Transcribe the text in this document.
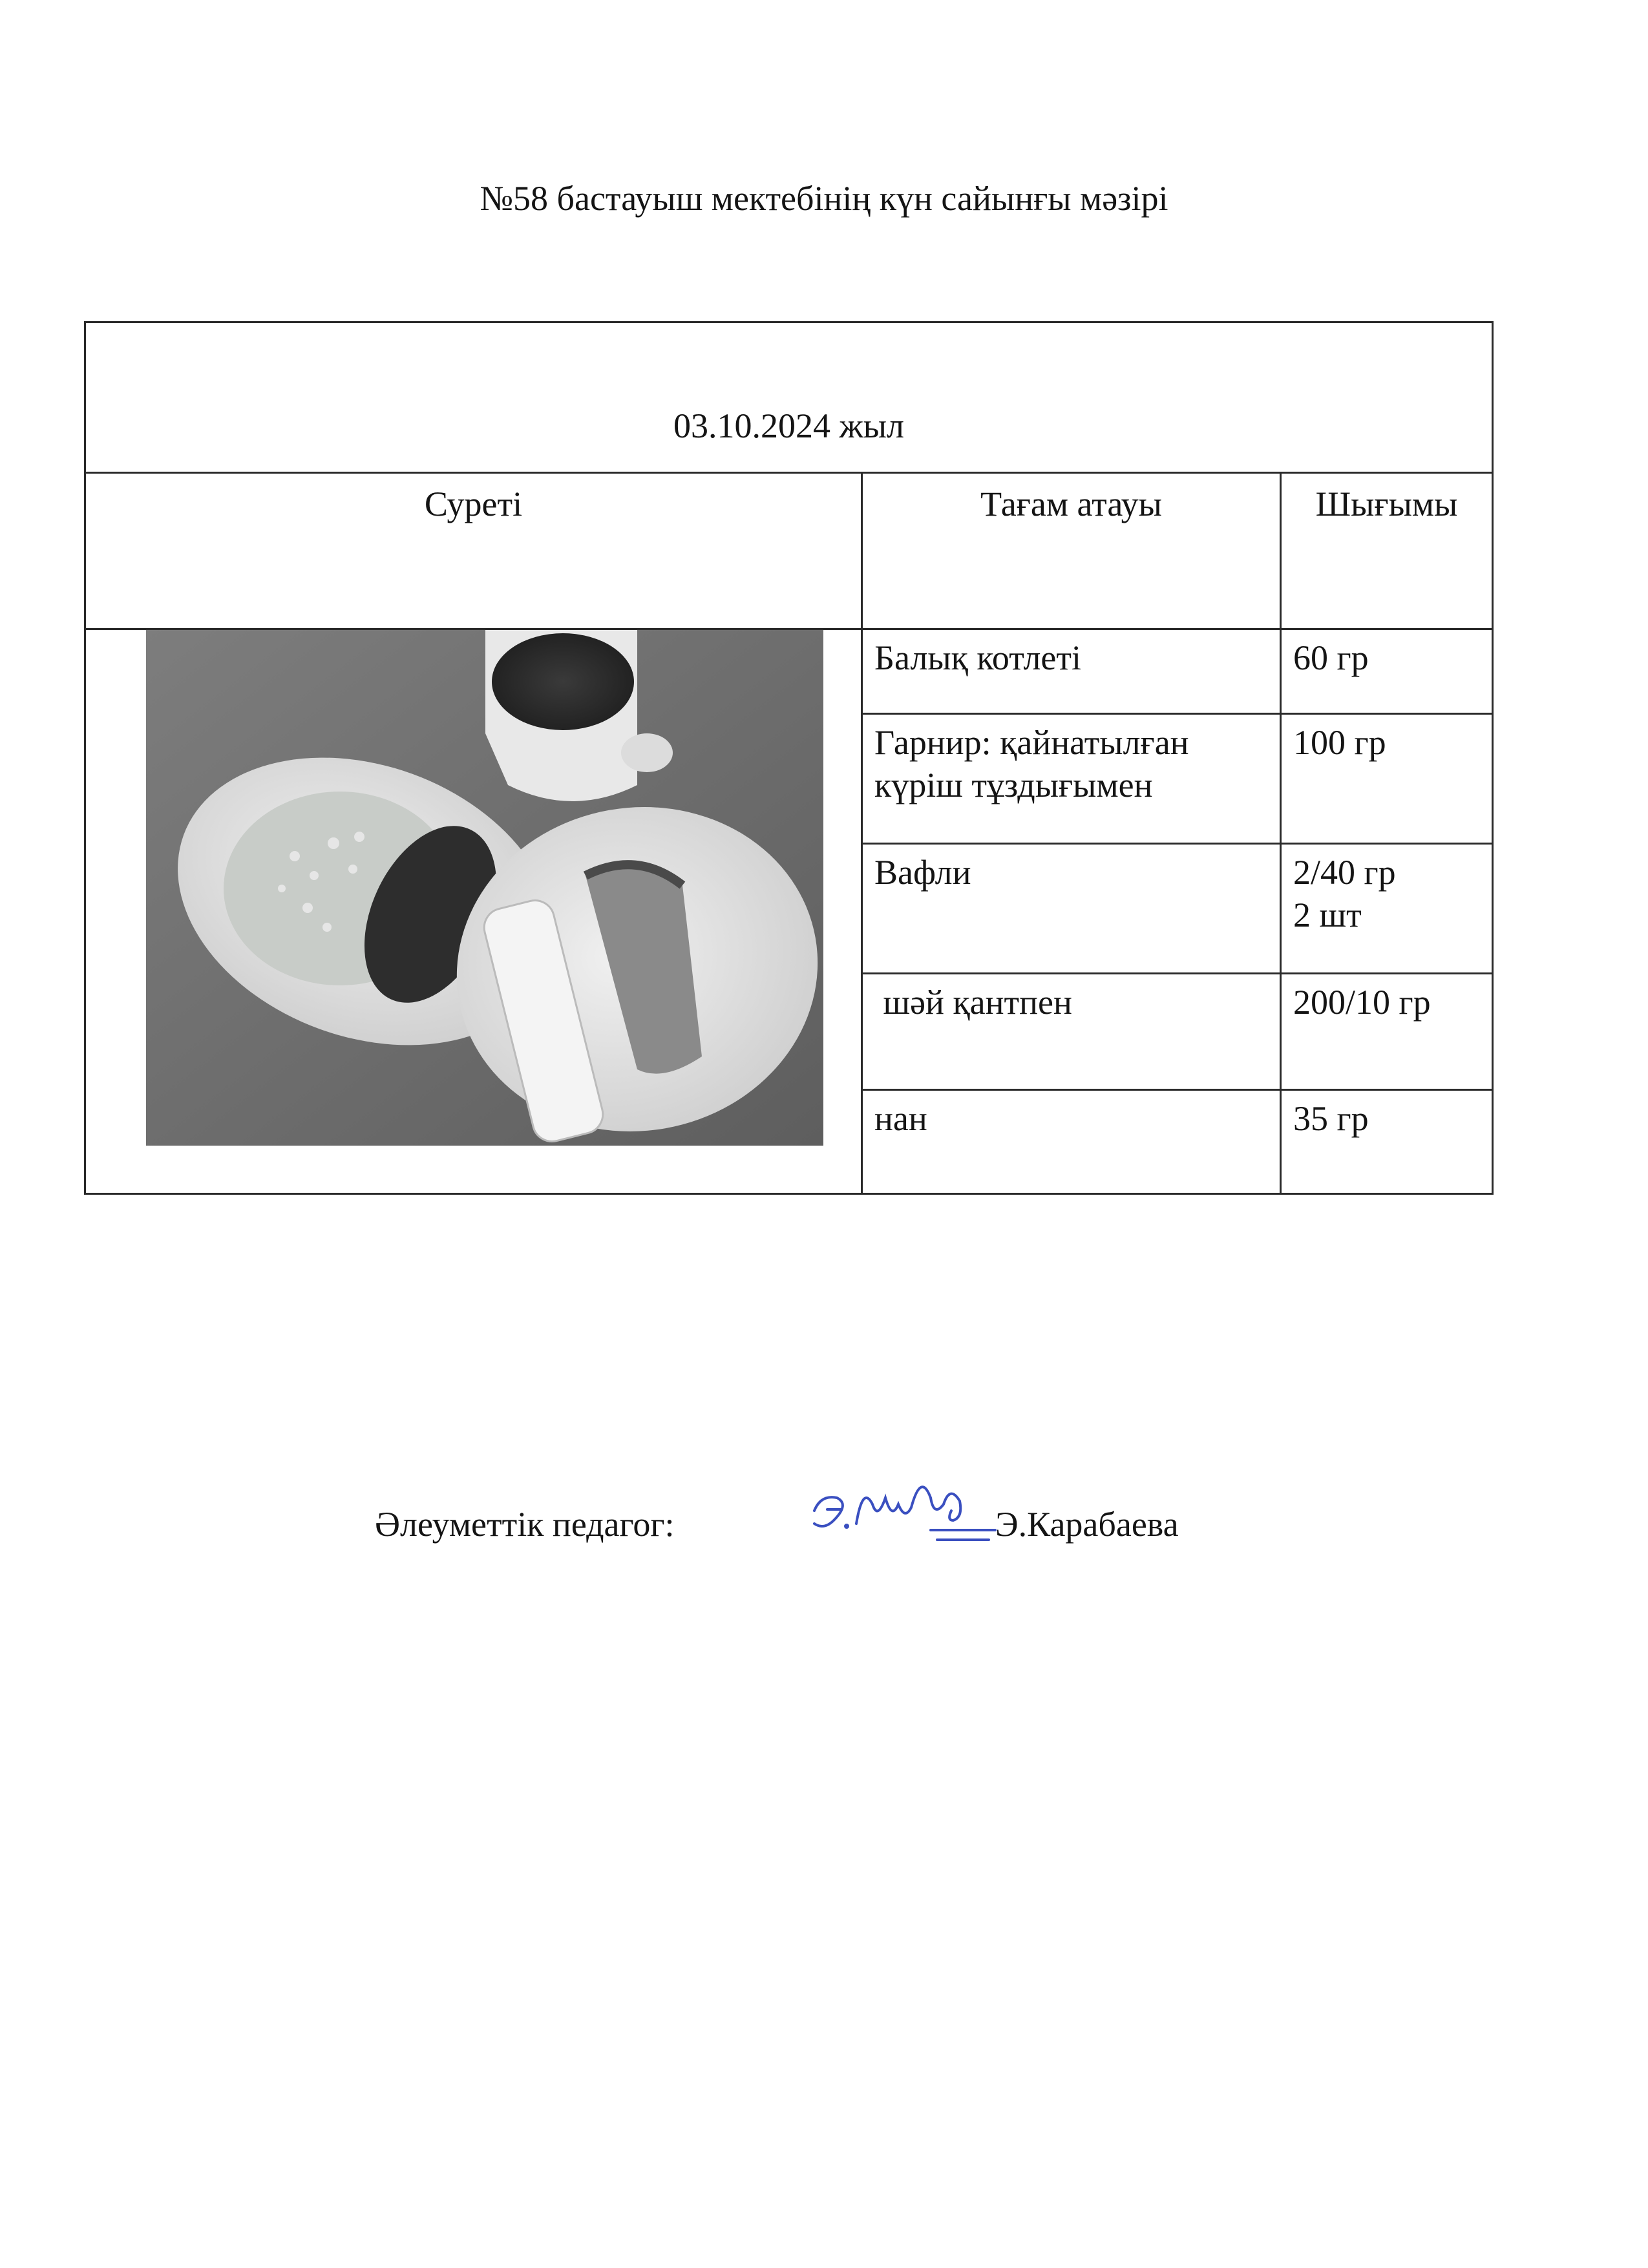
№58 бастауыш мектебінің күн сайынғы мәзірі
03.10.2024 жыл		
Суреті	Тағам атауы	Шығымы

	Балық котлеті	60 гр
	Гарнир: қайнатылған
күріш тұздығымен	100 гр
	Вафли	2/40 гр
2 шт
	шәй қантпен	200/10 гр
	нан	35 гр
Әлеуметтік педагог:	Э.Карабаева
